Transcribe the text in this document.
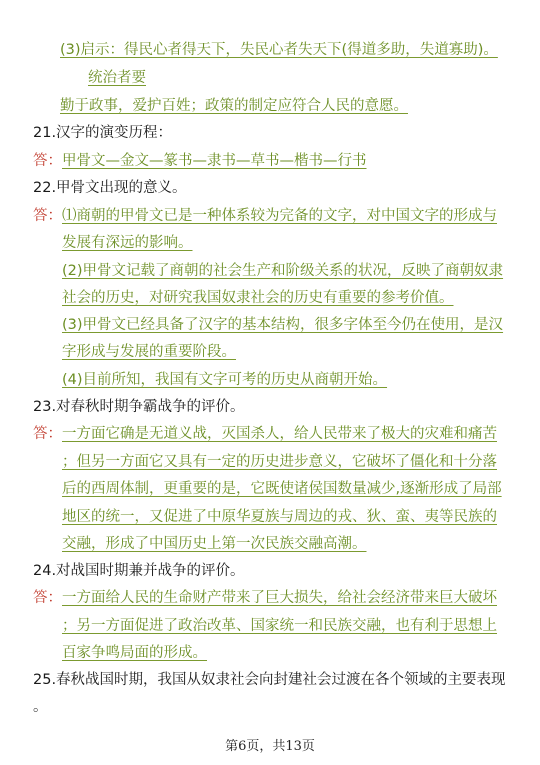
(3)启示：得民心者得天下，失民心者失天下(得道多助，失道寡助)。
统治者要
勤于政事，爱护百姓；政策的制定应符合人民的意愿。
21.汉字的演变历程：
答：甲骨文—金文—篆书—隶书—草书—楷书—行书
22.甲骨文出现的意义。
答：⑴商朝的甲骨文已是一种体系较为完备的文字，对中国文字的形成与
发展有深远的影响。
(2)甲骨文记载了商朝的社会生产和阶级关系的状况，反映了商朝奴隶
社会的历史，对研究我国奴隶社会的历史有重要的参考价值。
(3)甲骨文已经具备了汉字的基本结构，很多字体至今仍在使用，是汉
字形成与发展的重要阶段。
(4)目前所知，我国有文字可考的历史从商朝开始。
23.对春秋时期争霸战争的评价。
答：一方面它确是无道义战，灭国杀人，给人民带来了极大的灾难和痛苦
；但另一方面它又具有一定的历史进步意义，它破坏了僵化和十分落
后的西周体制，更重要的是，它既使诸侯国数量减少,逐渐形成了局部
地区的统一，又促进了中原华夏族与周边的戎、狄、蛮、夷等民族的
交融，形成了中国历史上第一次民族交融高潮。
24.对战国时期兼并战争的评价。
答：一方面给人民的生命财产带来了巨大损失，给社会经济带来巨大破坏
；另一方面促进了政治改革、国家统一和民族交融，也有利于思想上
百家争鸣局面的形成。
25.春秋战国时期，我国从奴隶社会向封建社会过渡在各个领域的主要表现
。
第6页，共13页
